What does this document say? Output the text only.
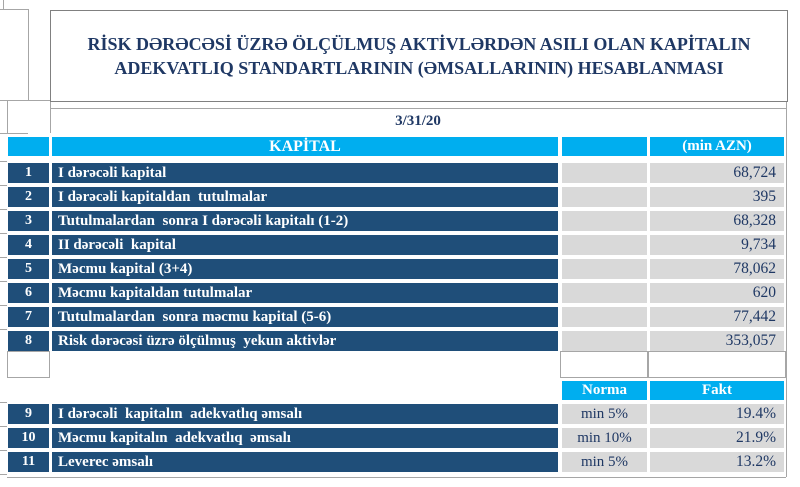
RİSK DƏRƏCƏSİ ÜZRƏ ÖLÇÜLMUŞ AKTİVLƏRDƏN ASILI OLAN KAPİTALIN
ADEKVATLIQ STANDARTLARININ (ƏMSALLARININ) HESABLANMASI
3/31/20
KAPİTAL	(min AZN)
1	I dərəcəli kapital	68,724
2	I dərəcəli kapitaldan  tutulmalar	395
3	Tutulmalardan  sonra I dərəcəli kapitalı (1-2)	68,328
4	II dərəcəli  kapital	9,734
5	Məcmu kapital (3+4)	78,062
6	Məcmu kapitaldan tutulmalar	620
7	Tutulmalardan  sonra məcmu kapital (5-6)	77,442
8	Risk dərəcəsi üzrə ölçülmuş  yekun aktivlər	353,057
Norma	Fakt
9	I dərəcəli  kapitalın  adekvatlıq əmsalı	min 5%	19.4%
10	Məcmu kapitalın  adekvatlıq  əmsalı	min 10%	21.9%
11	Leverec əmsalı	min 5%	13.2%
